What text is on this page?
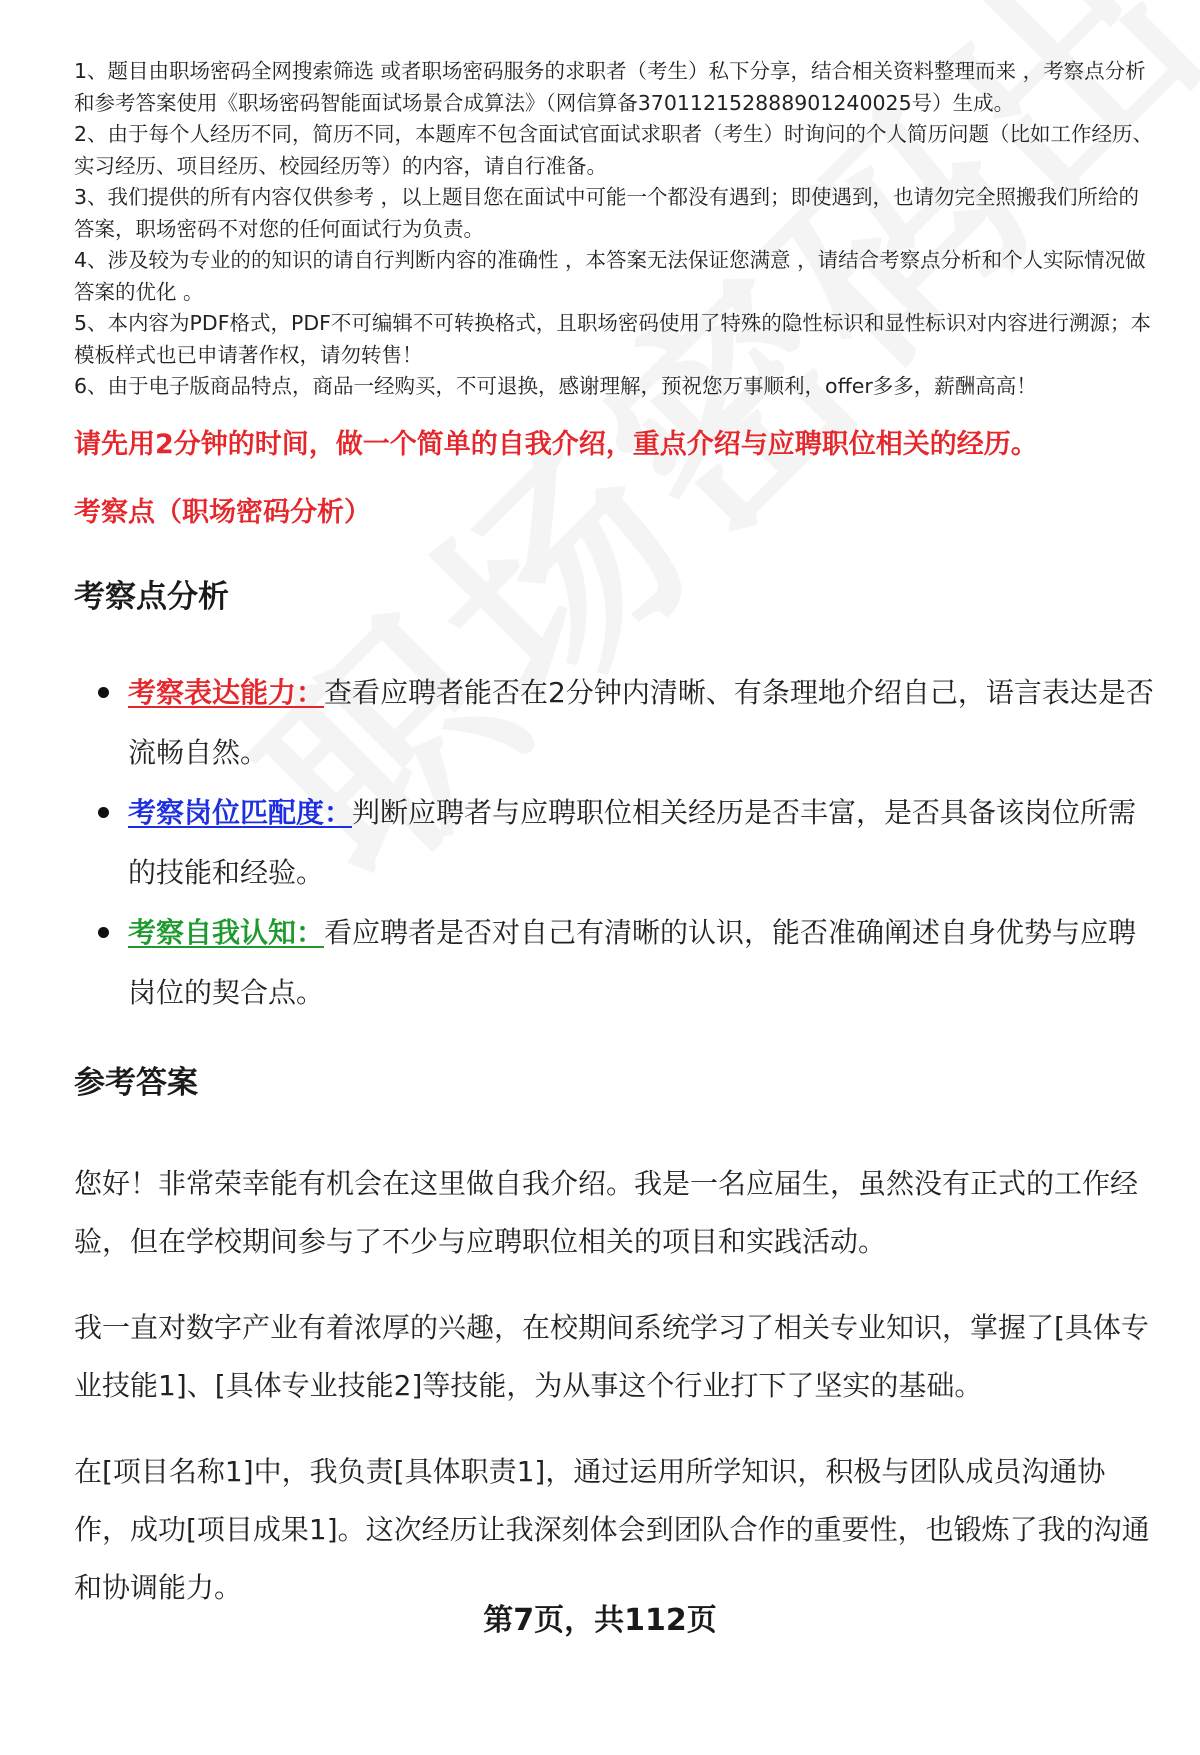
1、题目由职场密码全网搜索筛选 或者职场密码服务的求职者（考生）私下分享，结合相关资料整理而来 ，考察点分析和参考答案使用《职场密码智能面试场景合成算法》（网信算备370112152888901240025号）生成。

2、由于每个人经历不同，简历不同，本题库不包含面试官面试求职者（考生）时询问的个人简历问题（比如工作经历、实习经历、项目经历、校园经历等）的内容，请自行准备。

3、我们提供的所有内容仅供参考 ，以上题目您在面试中可能一个都没有遇到；即使遇到，也请勿完全照搬我们所给的答案，职场密码不对您的任何面试行为负责。

4、涉及较为专业的的知识的请自行判断内容的准确性 ，本答案无法保证您满意 ，请结合考察点分析和个人实际情况做答案的优化 。

5、本内容为PDF格式，PDF不可编辑不可转换格式，且职场密码使用了特殊的隐性标识和显性标识对内容进行溯源；本模板样式也已申请著作权，请勿转售！

6、由于电子版商品特点，商品一经购买，不可退换，感谢理解，预祝您万事顺利，offer多多，薪酬高高！

请先用2分钟的时间，做一个简单的自我介绍，重点介绍与应聘职位相关的经历。

考察点（职场密码分析）

考察点分析
考察表达能力：查看应聘者能否在2分钟内清晰、有条理地介绍自己，语言表达是否流畅自然。
考察岗位匹配度：判断应聘者与应聘职位相关经历是否丰富，是否具备该岗位所需的技能和经验。
考察自我认知：看应聘者是否对自己有清晰的认识，能否准确阐述自身优势与应聘岗位的契合点。
参考答案

您好！非常荣幸能有机会在这里做自我介绍。我是一名应届生，虽然没有正式的工作经验，但在学校期间参与了不少与应聘职位相关的项目和实践活动。

我一直对数字产业有着浓厚的兴趣，在校期间系统学习了相关专业知识，掌握了[具体专业技能1]、[具体专业技能2]等技能，为从事这个行业打下了坚实的基础。

在[项目名称1]中，我负责[具体职责1]，通过运用所学知识，积极与团队成员沟通协作，成功[项目成果1]。这次经历让我深刻体会到团队合作的重要性，也锻炼了我的沟通和协调能力。

第7页，共112页
